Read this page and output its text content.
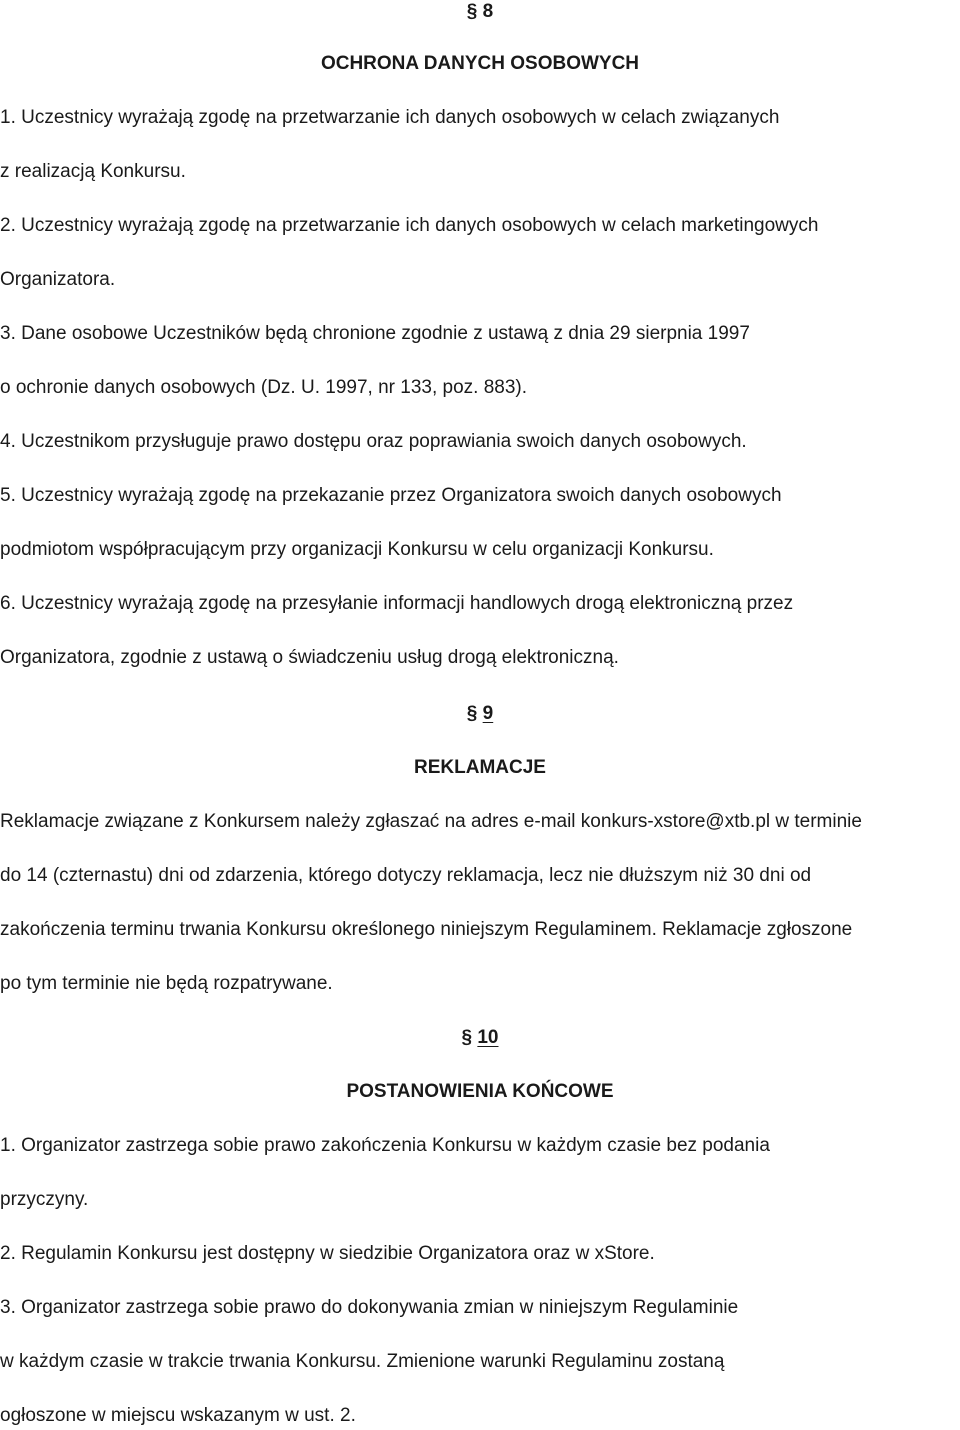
§ 8
OCHRONA DANYCH OSOBOWYCH
1. Uczestnicy wyrażają zgodę na przetwarzanie ich danych osobowych w celach związanych
z realizacją Konkursu.
2. Uczestnicy wyrażają zgodę na przetwarzanie ich danych osobowych w celach marketingowych
Organizatora.
3. Dane osobowe Uczestników będą chronione zgodnie z ustawą z dnia 29 sierpnia 1997
o ochronie danych osobowych (Dz. U. 1997, nr 133, poz. 883).
4. Uczestnikom przysługuje prawo dostępu oraz poprawiania swoich danych osobowych.
5. Uczestnicy wyrażają zgodę na przekazanie przez Organizatora swoich danych osobowych
podmiotom współpracującym przy organizacji Konkursu w celu organizacji Konkursu.
6. Uczestnicy wyrażają zgodę na przesyłanie informacji handlowych drogą elektroniczną przez
Organizatora, zgodnie z ustawą o świadczeniu usług drogą elektroniczną.
§ 9
REKLAMACJE
Reklamacje związane z Konkursem należy zgłaszać na adres e-mail konkurs-xstore@xtb.pl w terminie
do 14 (czternastu) dni od zdarzenia, którego dotyczy reklamacja, lecz nie dłuższym niż 30 dni od
zakończenia terminu trwania Konkursu określonego niniejszym Regulaminem. Reklamacje zgłoszone
po tym terminie nie będą rozpatrywane.
§ 10
POSTANOWIENIA KOŃCOWE
1. Organizator zastrzega sobie prawo zakończenia Konkursu w każdym czasie bez podania
przyczyny.
2. Regulamin Konkursu jest dostępny w siedzibie Organizatora oraz w xStore.
3. Organizator zastrzega sobie prawo do dokonywania zmian w niniejszym Regulaminie
w każdym czasie w trakcie trwania Konkursu. Zmienione warunki Regulaminu zostaną
ogłoszone w miejscu wskazanym w ust. 2.
